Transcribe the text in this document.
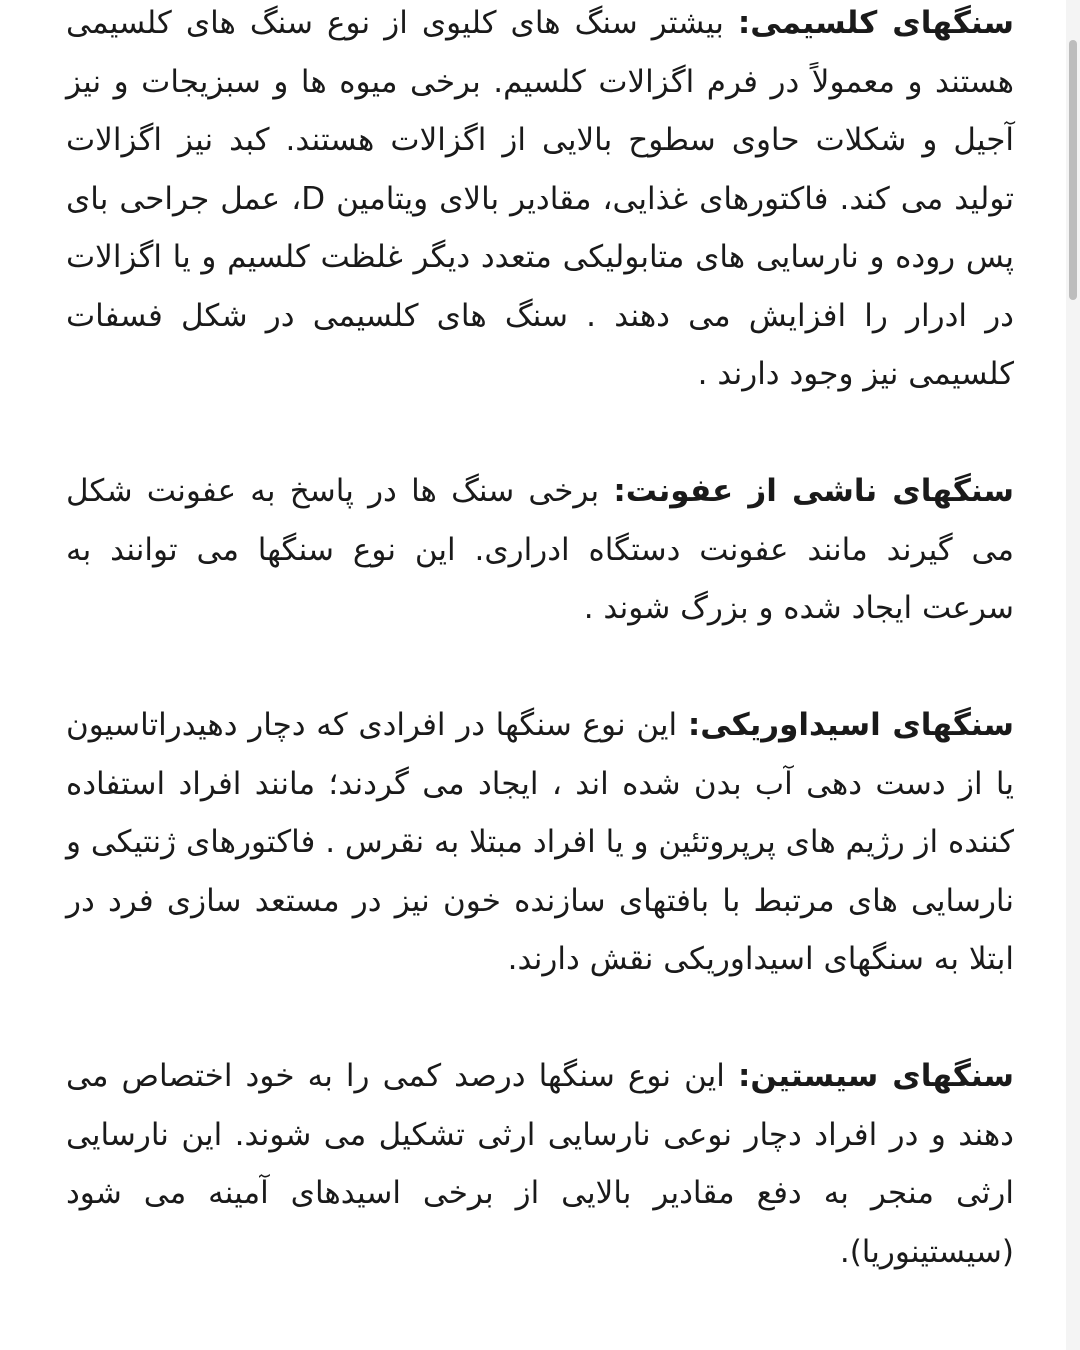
سنگهای کلسیمی: بیشتر سنگ های کلیوی از نوع سنگ های کلسیمی هستند و معمولاً در فرم اگزالات کلسیم. برخی میوه ها و سبزیجات و نیز آجیل و شکلات حاوی سطوح بالایی از اگزالات هستند. کبد نیز اگزالات تولید می کند. فاکتورهای غذایی، مقادیر بالای ویتامین D، عمل جراحی بای پس روده و نارسایی های متابولیکی متعدد دیگر غلظت کلسیم و یا اگزالات در ادرار را افزایش می دهند . سنگ های کلسیمی در شکل فسفات کلسیمی نیز وجود دارند .

سنگهای ناشی از عفونت: برخی سنگ ها در پاسخ به عفونت شکل می گیرند مانند عفونت دستگاه ادراری. این نوع سنگها می توانند به سرعت ایجاد شده و بزرگ شوند .

سنگهای اسیداوریکی: این نوع سنگها در افرادی که دچار دهیدراتاسیون یا از دست دهی آب بدن شده اند ، ایجاد می گردند؛ مانند افراد استفاده کننده از رژیم های پرپروتئین و یا افراد مبتلا به نقرس . فاکتورهای ژنتیکی و نارسایی های مرتبط با بافتهای سازنده خون نیز در مستعد سازی فرد در ابتلا به سنگهای اسیداوریکی نقش دارند.

سنگهای سیستین: این نوع سنگها درصد کمی را به خود اختصاص می دهند و در افراد دچار نوعی نارسایی ارثی تشکیل می شوند. این نارسایی ارثی منجر به دفع مقادیر بالایی از برخی اسیدهای آمینه می شود (سیستینوریا).
